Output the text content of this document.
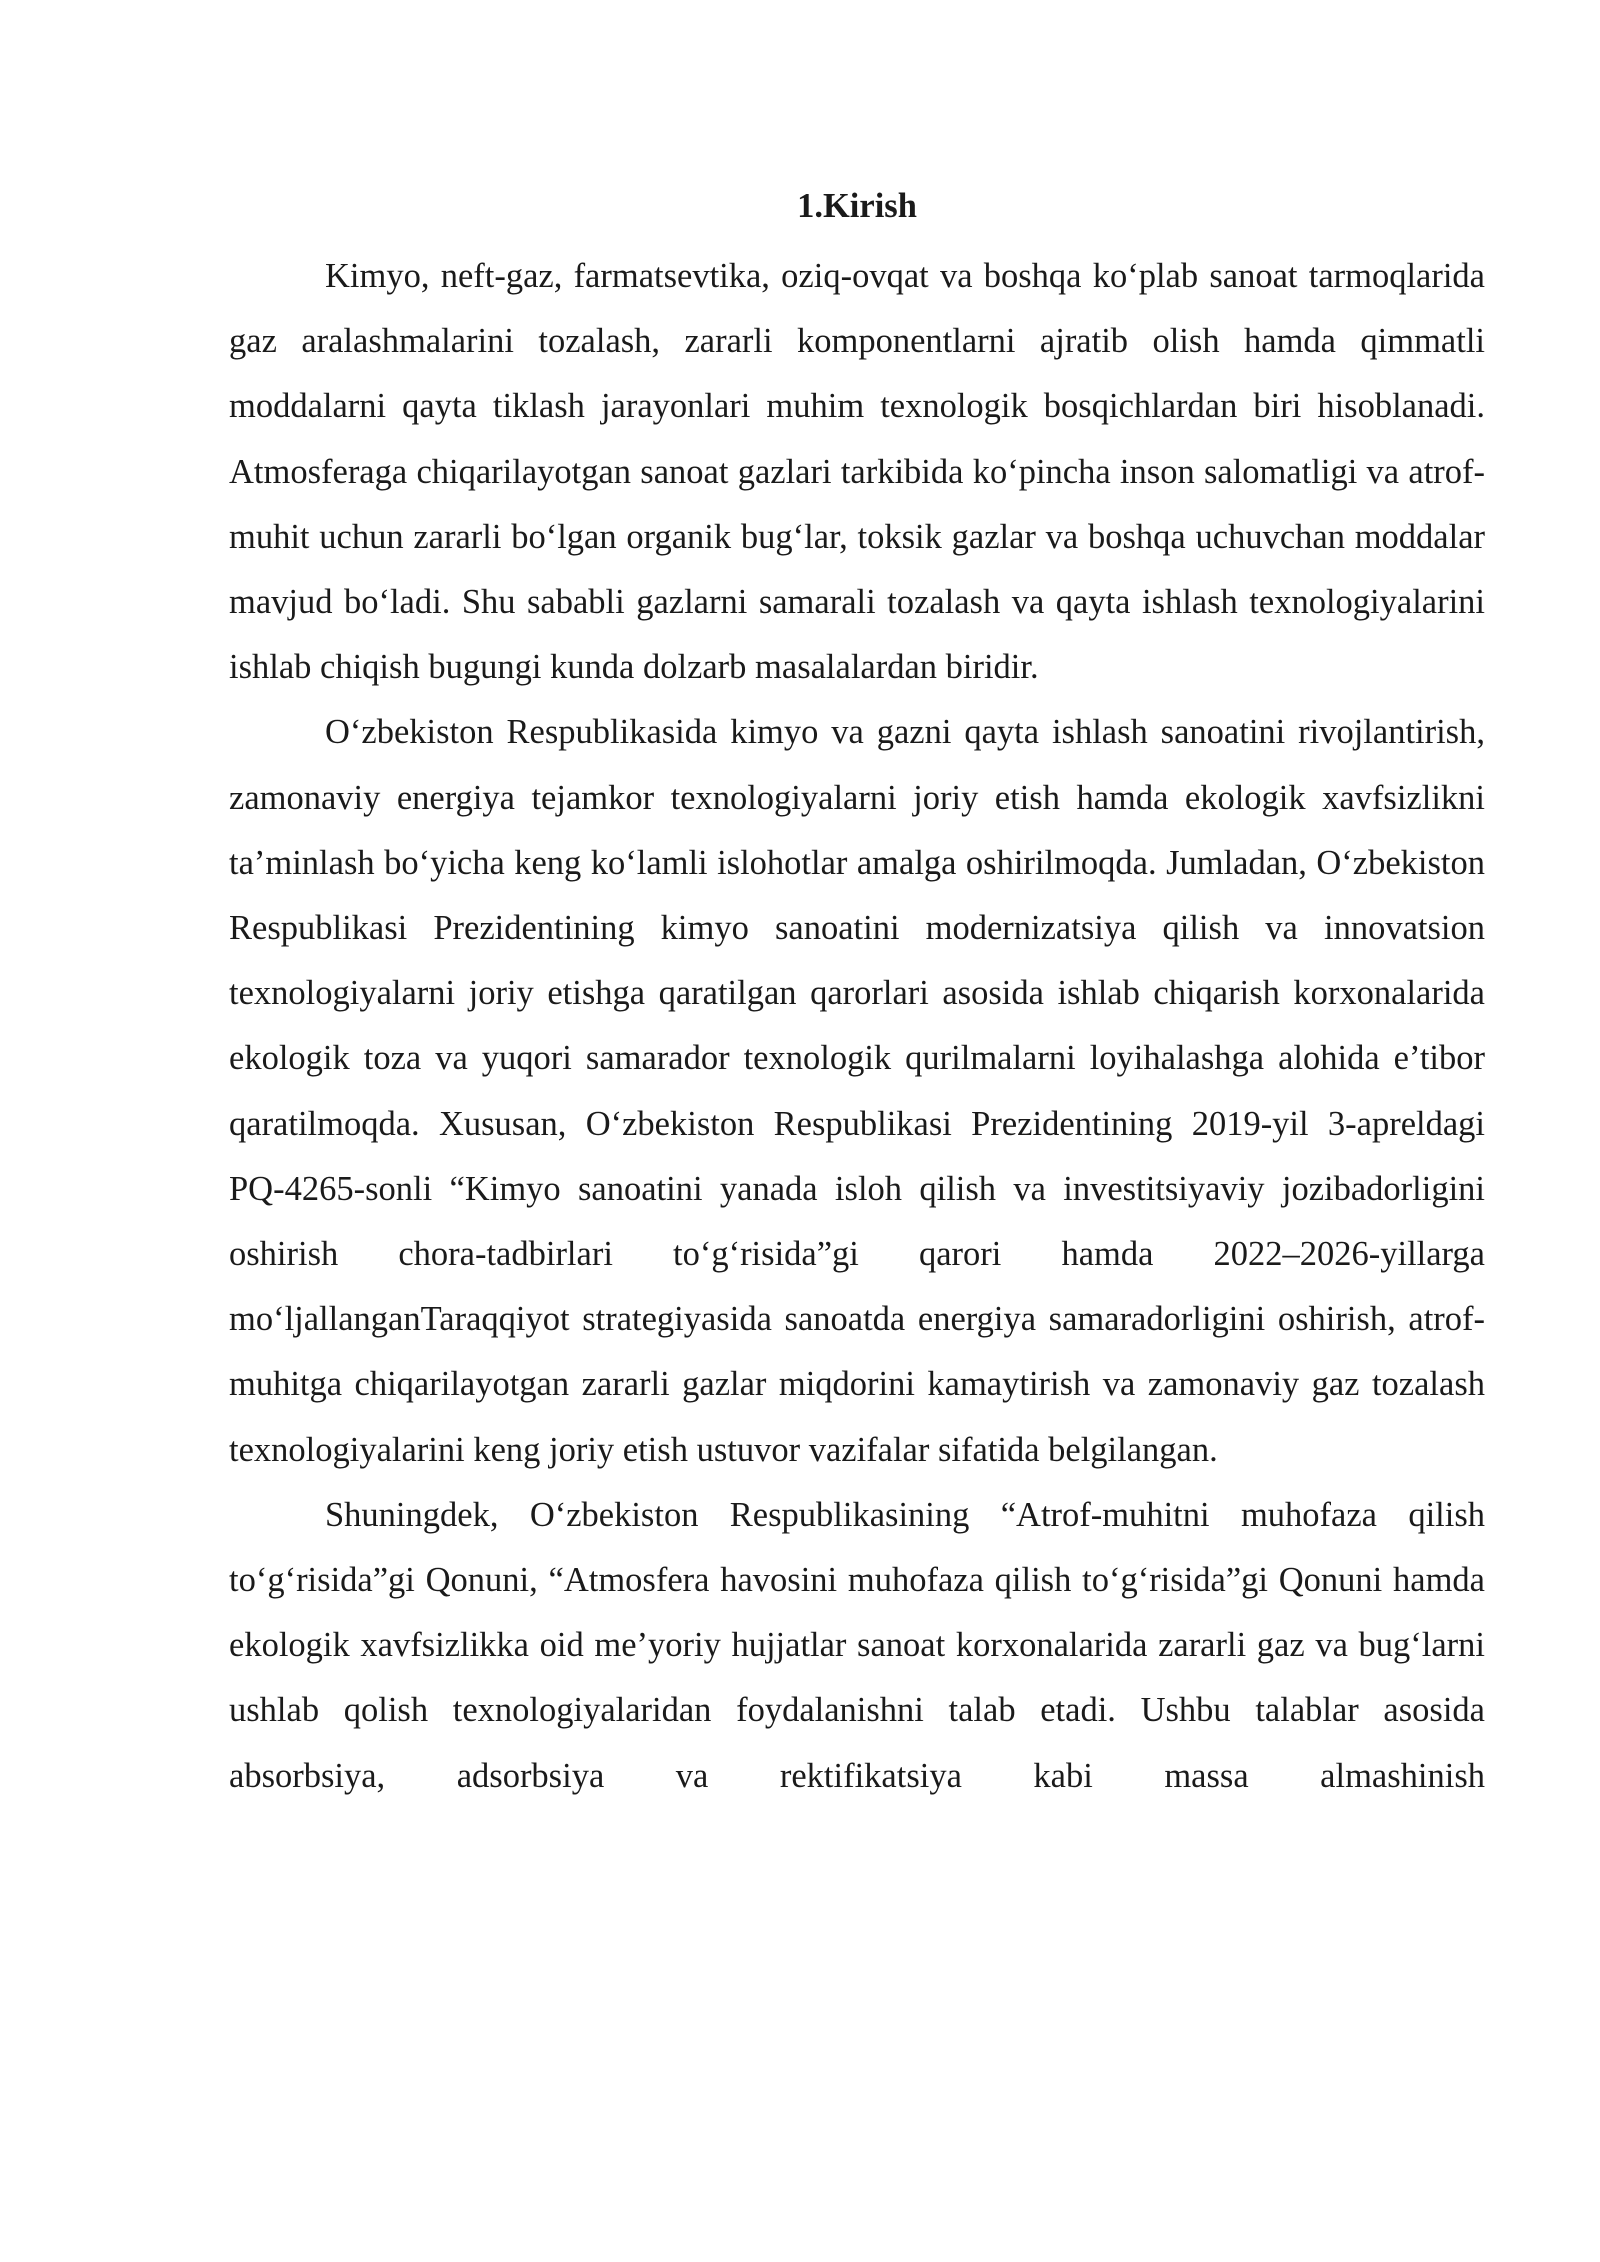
1.Kirish

Kimyo, neft-gaz, farmatsevtika, oziq-ovqat va boshqa koʻplab sanoat tarmoqlarida gaz aralashmalarini tozalash, zararli komponentlarni ajratib olish hamda qimmatli moddalarni qayta tiklash jarayonlari muhim texnologik bosqichlardan biri hisoblanadi. Atmosferaga chiqarilayotgan sanoat gazlari tarkibida koʻpincha inson salomatligi va atrof-muhit uchun zararli boʻlgan organik bugʻlar, toksik gazlar va boshqa uchuvchan moddalar mavjud boʻladi. Shu sababli gazlarni samarali tozalash va qayta ishlash texnologiyalarini ishlab chiqish bugungi kunda dolzarb masalalardan biridir.

Oʻzbekiston Respublikasida kimyo va gazni qayta ishlash sanoatini rivojlantirish, zamonaviy energiya tejamkor texnologiyalarni joriy etish hamda ekologik xavfsizlikni ta’minlash boʻyicha keng koʻlamli islohotlar amalga oshirilmoqda. Jumladan, Oʻzbekiston Respublikasi Prezidentining kimyo sanoatini modernizatsiya qilish va innovatsion texnologiyalarni joriy etishga qaratilgan qarorlari asosida ishlab chiqarish korxonalarida ekologik toza va yuqori samarador texnologik qurilmalarni loyihalashga alohida e’tibor qaratilmoqda. Xususan, Oʻzbekiston Respublikasi Prezidentining 2019-yil 3-apreldagi PQ-4265-sonli “Kimyo sanoatini yanada isloh qilish va investitsiyaviy jozibadorligini oshirish chora-tadbirlari toʻgʻrisida”gi qarori hamda 2022–2026-yillarga moʻljallanganTaraqqiyot strategiyasida sanoatda energiya samaradorligini oshirish, atrof-muhitga chiqarilayotgan zararli gazlar miqdorini kamaytirish va zamonaviy gaz tozalash texnologiyalarini keng joriy etish ustuvor vazifalar sifatida belgilangan.

Shuningdek, Oʻzbekiston Respublikasining “Atrof-muhitni muhofaza qilish toʻgʻrisida”gi Qonuni, “Atmosfera havosini muhofaza qilish toʻgʻrisida”gi Qonuni hamda ekologik xavfsizlikka oid me’yoriy hujjatlar sanoat korxonalarida zararli gaz va bugʻlarni ushlab qolish texnologiyalaridan foydalanishni talab etadi. Ushbu talablar asosida absorbsiya, adsorbsiya va rektifikatsiya kabi massa almashinish
